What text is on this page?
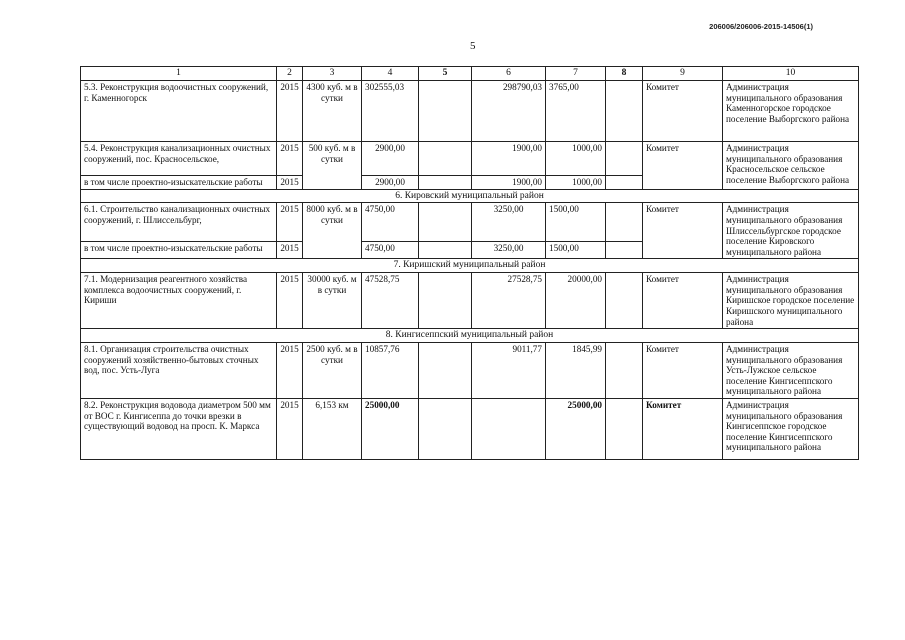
206006/206006-2015-14506(1)
5
1	2	3	4	5	6	7	8	9	10
5.3. Реконструкция водоочистных сооружений, г. Каменногорск	2015	4300 куб. м в сутки	302555,03		298790,03	3765,00		Комитет	Администрация муниципального образования Каменногорское городское поселение Выборгского района
5.4. Реконструкция канализационных очистных сооружений, пос. Красносельское,	2015	500 куб. м в сутки	2900,00		1900,00	1000,00		Комитет	Администрация муниципального образования Красносельское сельское поселение Выборгского района
в том числе проектно-изыскательские работы	2015		2900,00		1900,00	1000,00			
6. Кировский муниципальный район									
6.1. Строительство канализационных очистных сооружений, г. Шлиссельбург,	2015	8000 куб. м в сутки	4750,00		3250,00	1500,00		Комитет	Администрация муниципального образования Шлиссельбургское городское поселение Кировского муниципального района
в том числе проектно-изыскательские работы	2015		4750,00		3250,00	1500,00			
7. Киришский муниципальный район									
7.1. Модернизация реагентного хозяйства комплекса водоочистных сооружений, г. Кириши	2015	30000 куб. м в сутки	47528,75		27528,75	20000,00		Комитет	Администрация муниципального образования Киришское городское поселение Киришского муниципального района
8. Кингисеппский муниципальный район									
8.1. Организация строительства очистных сооружений хозяйственно-бытовых сточных вод, пос. Усть-Луга	2015	2500 куб. м в сутки	10857,76		9011,77	1845,99		Комитет	Администрация муниципального образования Усть-Лужское сельское поселение Кингисеппского муниципального района
8.2. Реконструкция водовода диаметром 500 мм от ВОС г. Кингисеппа до точки врезки в существующий водовод на просп. К. Маркса	2015	6,153 км	25000,00			25000,00		Комитет	Администрация муниципального образования Кингисеппское городское поселение Кингисеппского муниципального района
